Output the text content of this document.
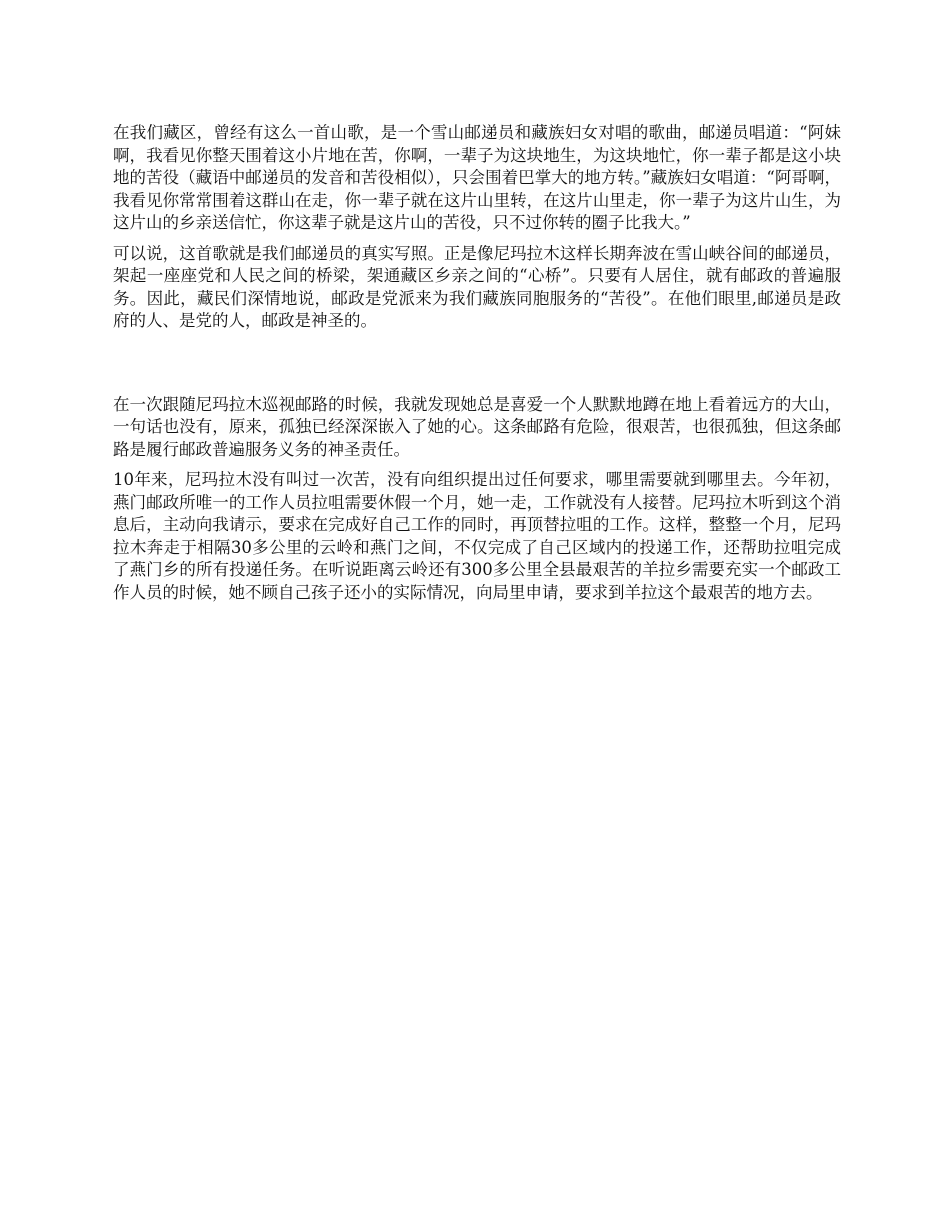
在我们藏区，曾经有这么一首山歌，是一个雪山邮递员和藏族妇女对唱的歌曲，邮递员唱道：“阿妹啊，我看见你整天围着这小片地在苦，你啊，一辈子为这块地生，为这块地忙，你一辈子都是这小块地的苦役（藏语中邮递员的发音和苦役相似），只会围着巴掌大的地方转。”藏族妇女唱道：“阿哥啊，我看见你常常围着这群山在走，你一辈子就在这片山里转，在这片山里走，你一辈子为这片山生，为这片山的乡亲送信忙，你这辈子就是这片山的苦役，只不过你转的圈子比我大。”

可以说，这首歌就是我们邮递员的真实写照。正是像尼玛拉木这样长期奔波在雪山峡谷间的邮递员，架起一座座党和人民之间的桥梁，架通藏区乡亲之间的“心桥”。只要有人居住，就有邮政的普遍服务。因此，藏民们深情地说，邮政是党派来为我们藏族同胞服务的“苦役”。在他们眼里,邮递员是政府的人、是党的人，邮政是神圣的。

在一次跟随尼玛拉木巡视邮路的时候，我就发现她总是喜爱一个人默默地蹲在地上看着远方的大山，一句话也没有，原来，孤独已经深深嵌入了她的心。这条邮路有危险，很艰苦，也很孤独，但这条邮路是履行邮政普遍服务义务的神圣责任。

10年来，尼玛拉木没有叫过一次苦，没有向组织提出过任何要求，哪里需要就到哪里去。今年初，燕门邮政所唯一的工作人员拉咀需要休假一个月，她一走，工作就没有人接替。尼玛拉木听到这个消息后，主动向我请示，要求在完成好自己工作的同时，再顶替拉咀的工作。这样，整整一个月，尼玛拉木奔走于相隔30多公里的云岭和燕门之间，不仅完成了自己区域内的投递工作，还帮助拉咀完成了燕门乡的所有投递任务。在听说距离云岭还有300多公里全县最艰苦的羊拉乡需要充实一个邮政工作人员的时候，她不顾自己孩子还小的实际情况，向局里申请，要求到羊拉这个最艰苦的地方去。
